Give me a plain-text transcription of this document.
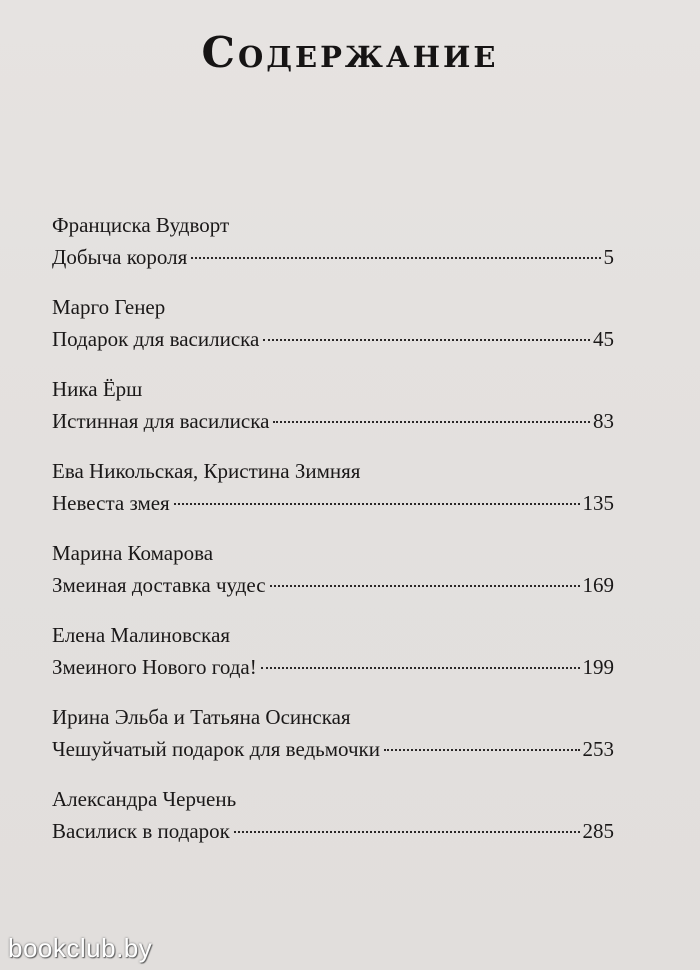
Содержание
Франциска Вудворт
Добыча короля	5
Марго Генер
Подарок для василиска	45
Ника Ёрш
Истинная для василиска	83
Ева Никольская, Кристина Зимняя
Невеста змея	135
Марина Комарова
Змеиная доставка чудес	169
Елена Малиновская
Змеиного Нового года!	199
Ирина Эльба и Татьяна Осинская
Чешуйчатый подарок для ведьмочки	253
Александра Черчень
Василиск в подарок	285
bookclub.by
